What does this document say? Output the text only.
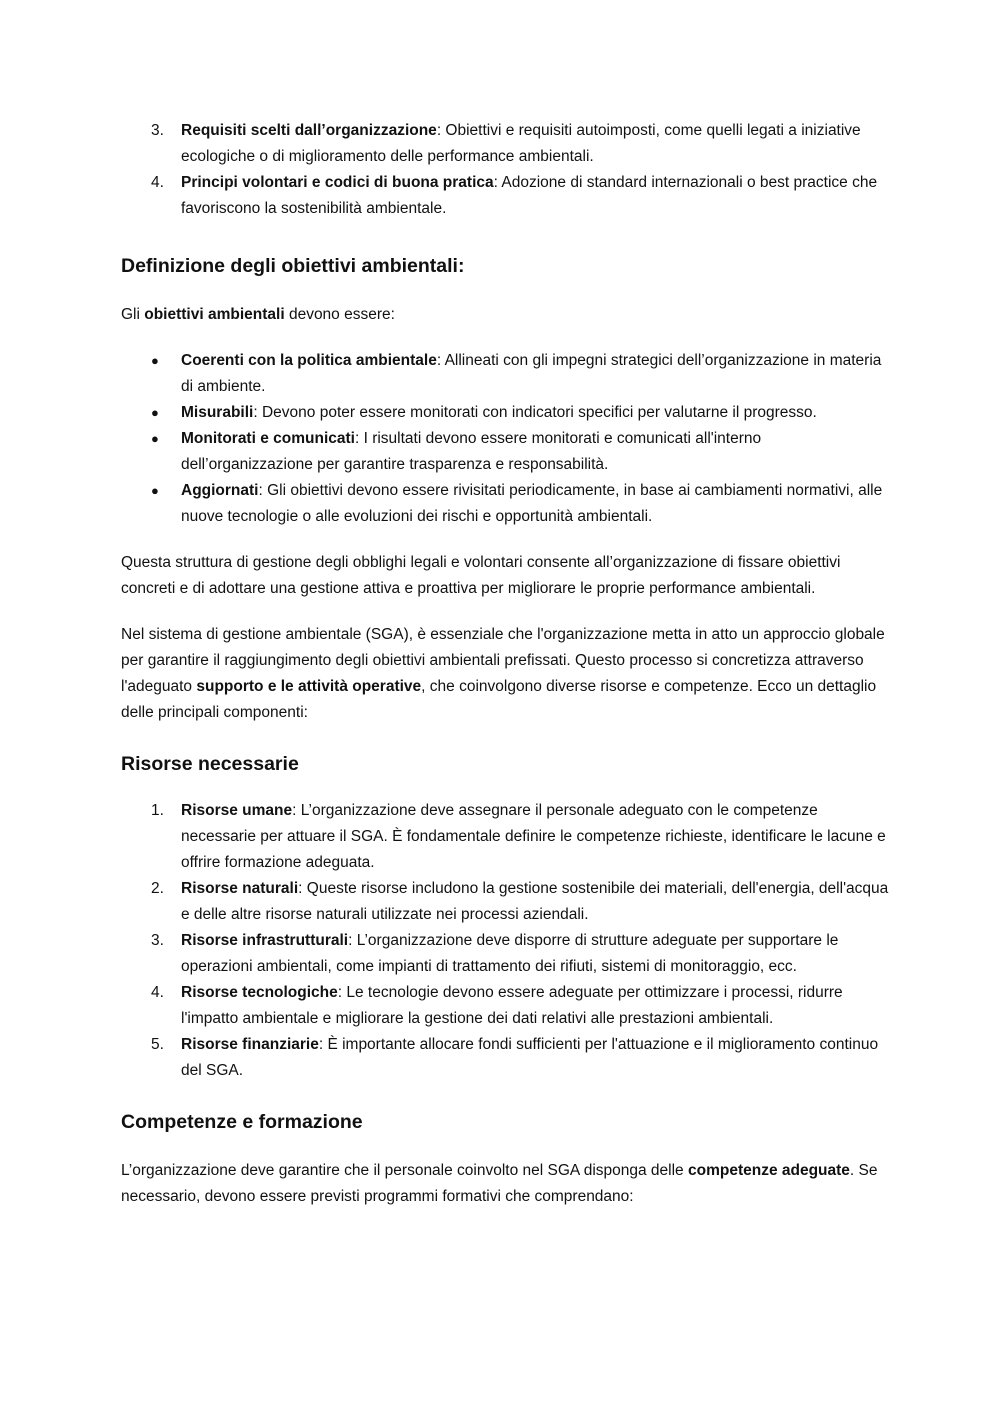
3. Requisiti scelti dall’organizzazione: Obiettivi e requisiti autoimposti, come quelli legati a iniziative ecologiche o di miglioramento delle performance ambientali.
4. Principi volontari e codici di buona pratica: Adozione di standard internazionali o best practice che favoriscono la sostenibilità ambientale.
Definizione degli obiettivi ambientali:

Gli obiettivi ambientali devono essere:

● Coerenti con la politica ambientale: Allineati con gli impegni strategici dell’organizzazione in materia di ambiente.
● Misurabili: Devono poter essere monitorati con indicatori specifici per valutarne il progresso.
● Monitorati e comunicati: I risultati devono essere monitorati e comunicati all'interno dell’organizzazione per garantire trasparenza e responsabilità.
● Aggiornati: Gli obiettivi devono essere rivisitati periodicamente, in base ai cambiamenti normativi, alle nuove tecnologie o alle evoluzioni dei rischi e opportunità ambientali.

Questa struttura di gestione degli obblighi legali e volontari consente all’organizzazione di fissare obiettivi concreti e di adottare una gestione attiva e proattiva per migliorare le proprie performance ambientali.

Nel sistema di gestione ambientale (SGA), è essenziale che l'organizzazione metta in atto un approccio globale per garantire il raggiungimento degli obiettivi ambientali prefissati. Questo processo si concretizza attraverso l'adeguato supporto e le attività operative, che coinvolgono diverse risorse e competenze. Ecco un dettaglio delle principali componenti:

Risorse necessarie
1. Risorse umane: L’organizzazione deve assegnare il personale adeguato con le competenze necessarie per attuare il SGA. È fondamentale definire le competenze richieste, identificare le lacune e offrire formazione adeguata.
2. Risorse naturali: Queste risorse includono la gestione sostenibile dei materiali, dell'energia, dell'acqua e delle altre risorse naturali utilizzate nei processi aziendali.
3. Risorse infrastrutturali: L’organizzazione deve disporre di strutture adeguate per supportare le operazioni ambientali, come impianti di trattamento dei rifiuti, sistemi di monitoraggio, ecc.
4. Risorse tecnologiche: Le tecnologie devono essere adeguate per ottimizzare i processi, ridurre l'impatto ambientale e migliorare la gestione dei dati relativi alle prestazioni ambientali.
5. Risorse finanziarie: È importante allocare fondi sufficienti per l'attuazione e il miglioramento continuo del SGA.
Competenze e formazione

L’organizzazione deve garantire che il personale coinvolto nel SGA disponga delle competenze adeguate. Se necessario, devono essere previsti programmi formativi che comprendano:
